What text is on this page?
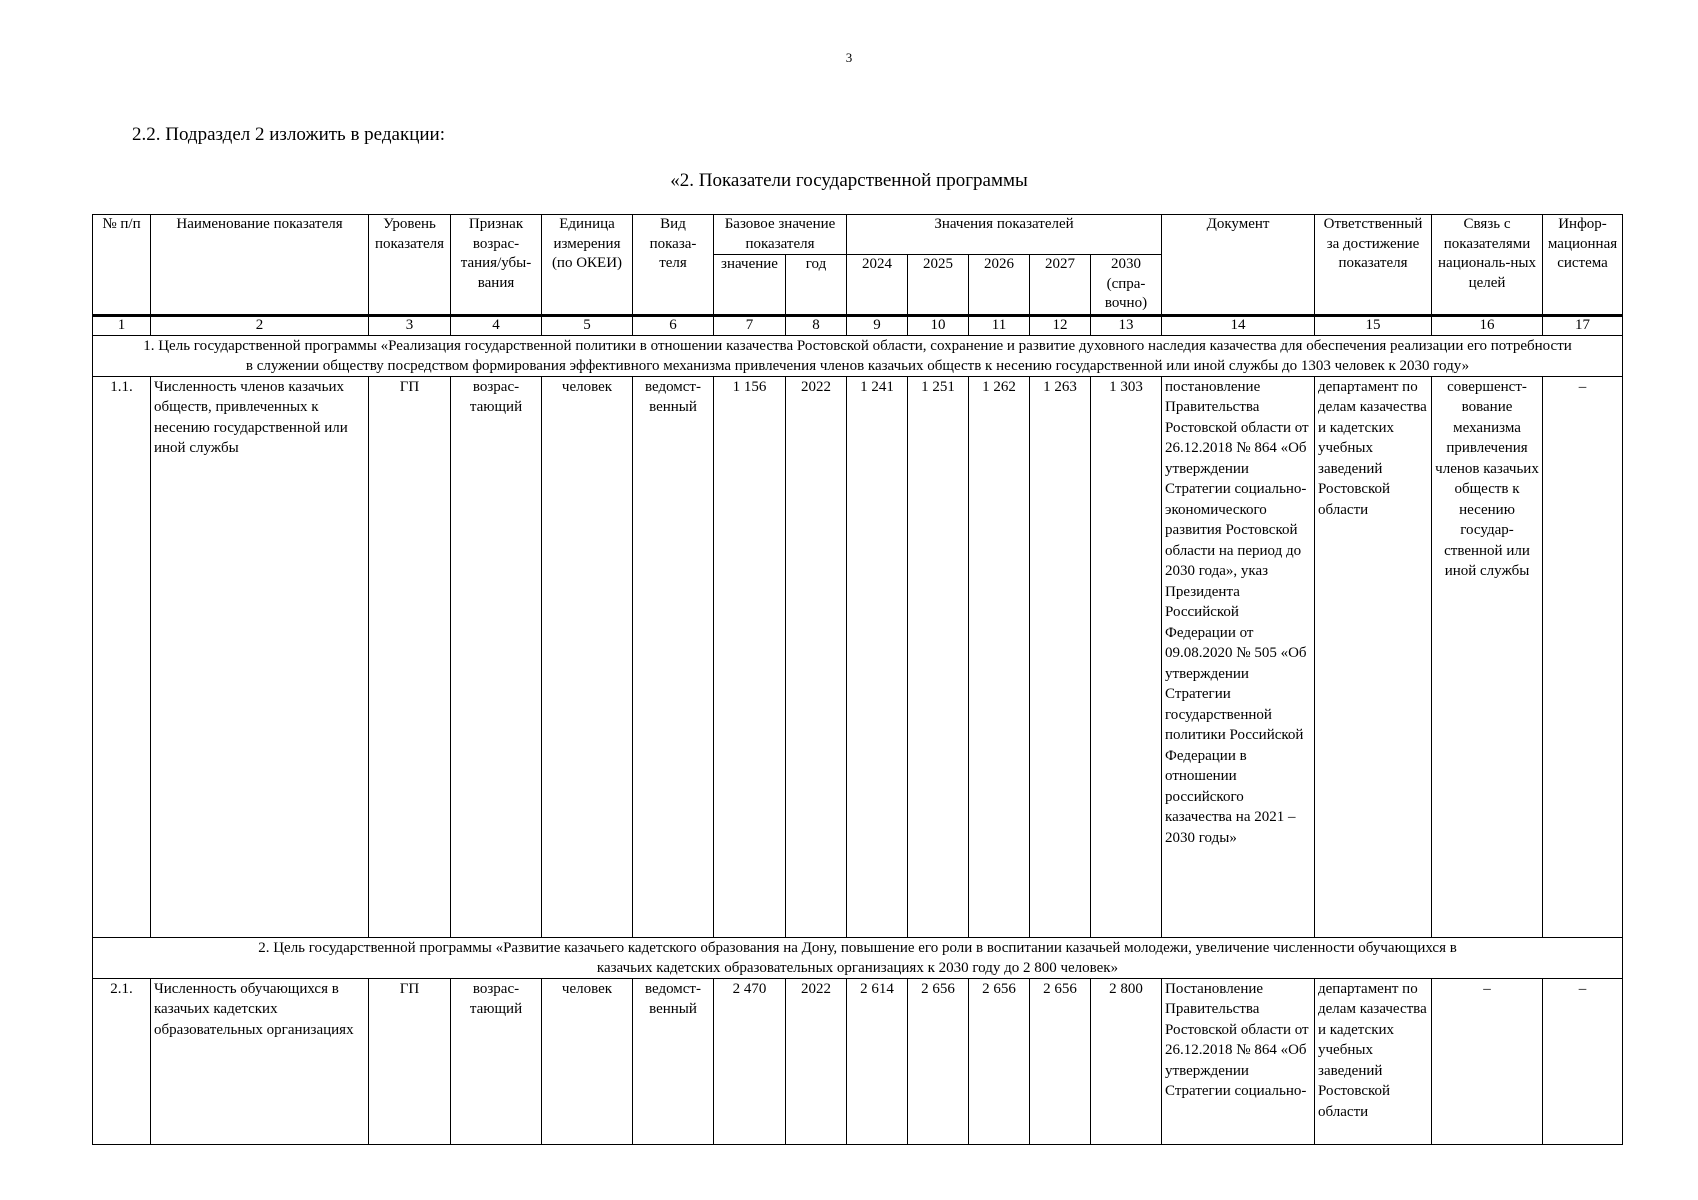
3
2.2. Подраздел 2 изложить в редакции:
«2. Показатели государственной программы
№ п/п	Наименование показателя	Уровень показателя	Признак возрас-тания/убы-вания	Единица измерения (по ОКЕИ)	Вид показа-теля	Базовое значение показателя		Значения показателей					Документ	Ответственный за достижение показателя	Связь с показателями националь-ных целей	Инфор-мационная система
						значение	год	2024	2025	2026	2027	2030 (спра-вочно)				
1	2	3	4	5	6	7	8	9	10	11	12	13	14	15	16	17
1. Цель государственной программы «Реализация государственной политики в отношении казачества Ростовской области, сохранение и развитие духовного наследия казачества для обеспечения реализации его потребности в служении обществу посредством формирования эффективного механизма привлечения членов казачьих обществ к несению государственной или иной службы до 1303 человек к 2030 году»																
1.1.	Численность членов казачьих обществ, привлеченных к несению государственной или иной службы	ГП	возрас-тающий	человек	ведомст-венный	1 156	2022	1 241	1 251	1 262	1 263	1 303	постановление Правительства Ростовской области от 26.12.2018 № 864 «Об утверждении Стратегии социально-экономического развития Ростовской области на период до 2030 года», указ Президента Российской Федерации от 09.08.2020 № 505 «Об утверждении Стратегии государственной политики Российской Федерации в отношении российского казачества на 2021 – 2030 годы»	департамент по делам казачества и кадетских учебных заведений Ростовской области	совершенст-вование механизма привлечения членов казачьих обществ к несению государ-ственной или иной службы	–
2. Цель государственной программы «Развитие казачьего кадетского образования на Дону, повышение его роли в воспитании казачьей молодежи, увеличение численности обучающихся в казачьих кадетских образовательных организациях к 2030 году до 2 800 человек»																
2.1.	Численность обучающихся в казачьих кадетских образовательных организациях	ГП	возрас-тающий	человек	ведомст-венный	2 470	2022	2 614	2 656	2 656	2 656	2 800	Постановление Правительства Ростовской области от 26.12.2018 № 864 «Об утверждении Стратегии социально-	департамент по делам казачества и кадетских учебных заведений Ростовской области	–	–
